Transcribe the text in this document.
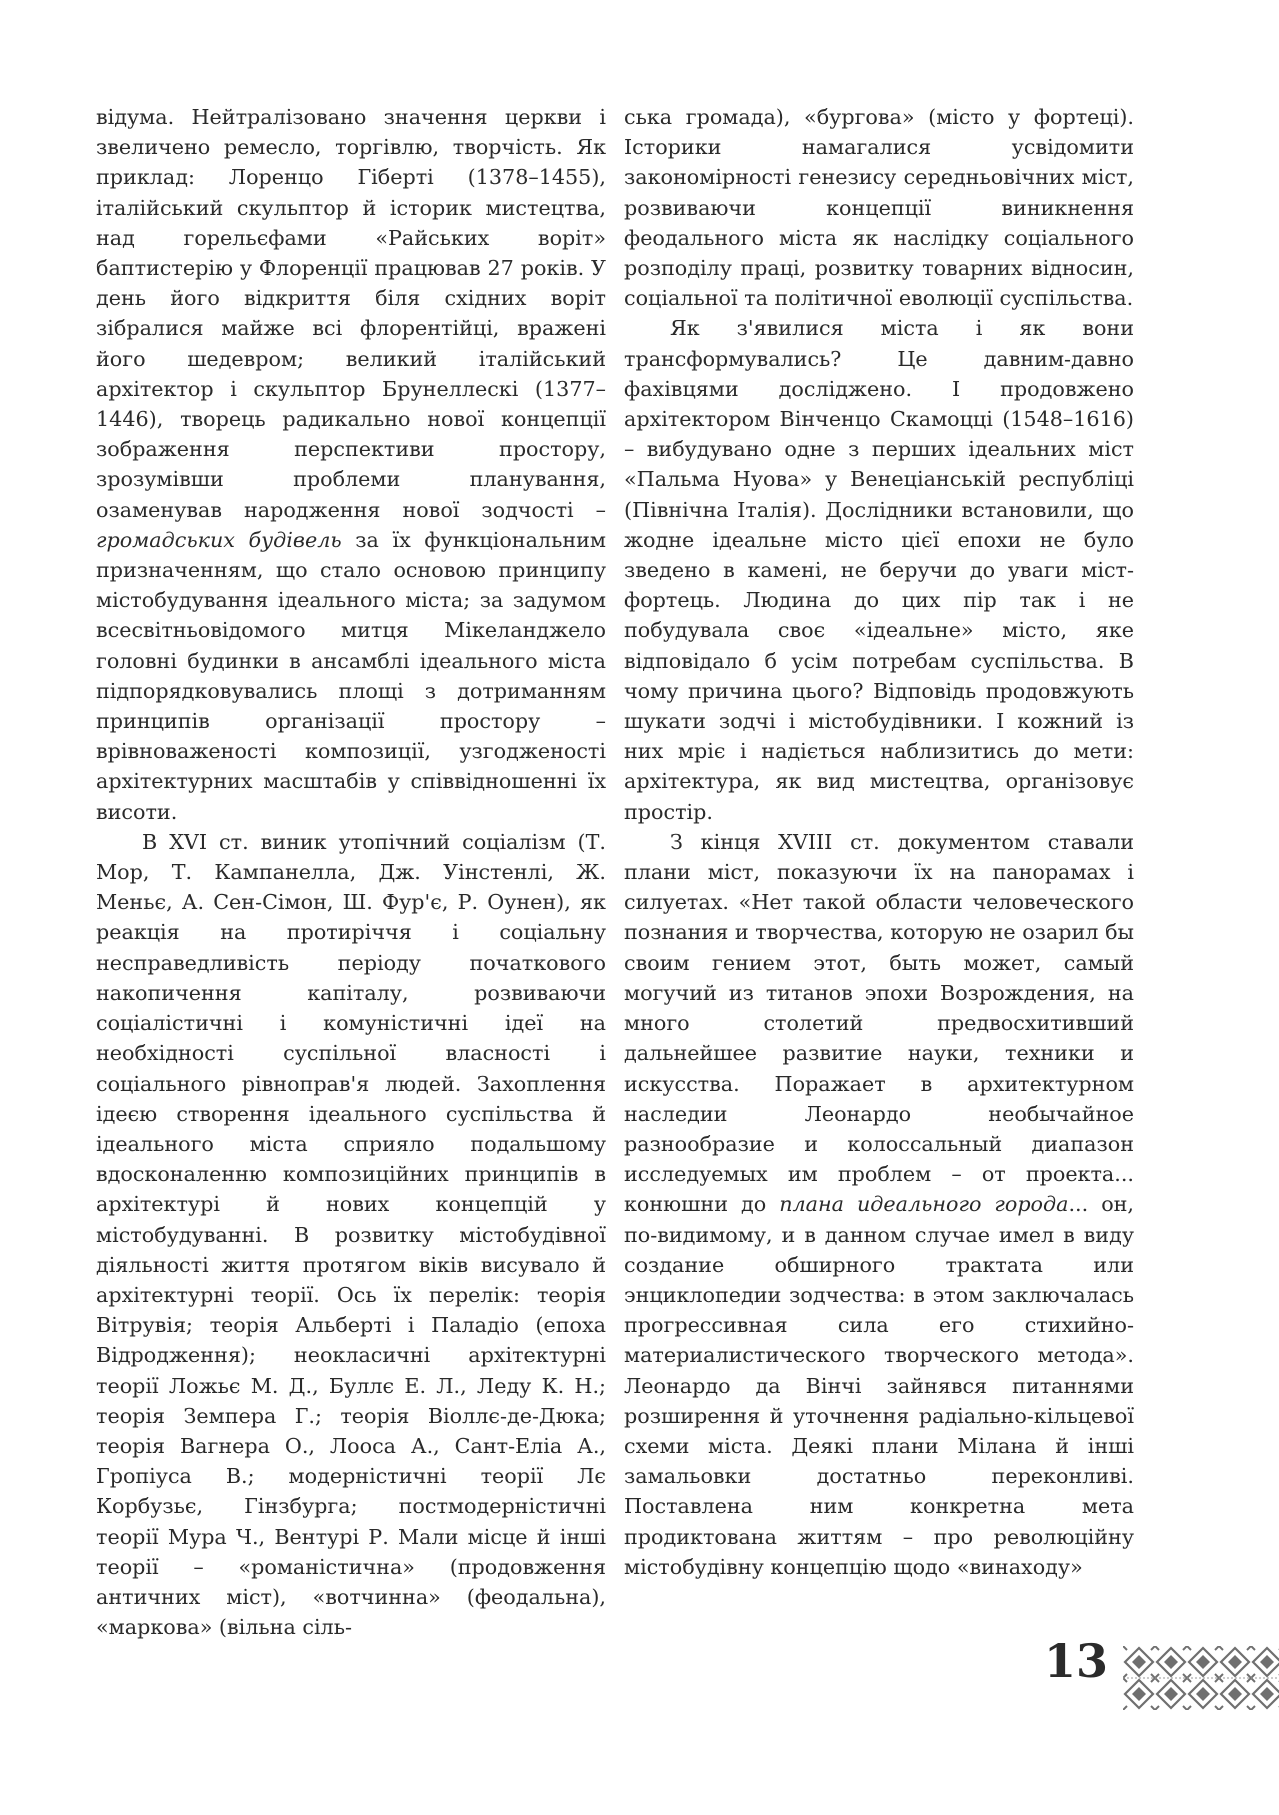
відума. Нейтралізовано значення церкви і звеличено ремесло, торгівлю, творчість. Як приклад: Лоренцо Гіберті (1378–1455), італійський скульптор й історик мистецтва, над горельєфами «Райських воріт» баптистерію у Флоренції працював 27 років. У день його відкриття біля східних воріт зібралися майже всі флорентійці, вражені його шедевром; великий італійський архітектор і скульптор Брунеллескі (1377–1446), творець радикально нової концепції зображення перспективи простору, зрозумівши проблеми планування, озаменував народження нової зодчості – громадських будівель за їх функціональним призначенням, що стало основою принципу містобудування ідеального міста; за задумом всесвітньовідомого митця Мікеланджело головні будинки в ансамблі ідеального міста підпорядковувались площі з дотриманням принципів організації простору – врівноваженості композиції, узгодженості архітектурних масштабів у співвідношенні їх висоти.

В XVI ст. виник утопічний соціалізм (Т. Мор, Т. Кампанелла, Дж. Уінстенлі, Ж. Меньє, А. Сен-Сімон, Ш. Фур'є, Р. Оунен), як реакція на протиріччя і соціальну несправедливість періоду початкового накопичення капіталу, розвиваючи соціалістичні і комуністичні ідеї на необхідності суспільної власності і соціального рівноправ'я людей. Захоплення ідеєю створення ідеального суспільства й ідеального міста сприяло подальшому вдосконаленню композиційних принципів в архітектурі й нових концепцій у містобудуванні. В розвитку містобудівної діяльності життя протягом віків висувало й архітектурні теорії. Ось їх перелік: теорія Вітрувія; теорія Альберті і Паладіо (епоха Відродження); неокласичні архітектурні теорії Ложьє М. Д., Буллє Е. Л., Леду К. Н.; теорія Земпера Г.; теорія Віоллє-де-Дюка; теорія Вагнера О., Лооса А., Сант-Еліа А., Гропіуса В.; модерністичні теорії Лє Корбузьє, Гінзбурга; постмодерністичні теорії Мура Ч., Вентурі Р. Мали місце й інші теорії – «романістична» (продовження античних міст), «вотчинна» (феодальна), «маркова» (вільна сіль-

ська громада), «бургова» (місто у фортеці). Історики намагалися усвідомити закономірності генезису середньовічних міст, розвиваючи концепції виникнення феодального міста як наслідку соціального розподілу праці, розвитку товарних відносин, соціальної та політичної еволюції суспільства.

Як з'явилися міста і як вони трансформувались? Це давним-давно фахівцями досліджено. І продовжено архітектором Вінченцо Скамоцці (1548–1616) – вибудувано одне з перших ідеальних міст «Пальма Нуова» у Венеціанській республіці (Північна Італія). Дослідники встановили, що жодне ідеальне місто цієї епохи не було зведено в камені, не беручи до уваги міст-фортець. Людина до цих пір так і не побудувала своє «ідеальне» місто, яке відповідало б усім потребам суспільства. В чому причина цього? Відповідь продовжують шукати зодчі і містобудівники. І кожний із них мріє і надіється наблизитись до мети: архітектура, як вид мистецтва, організовує простір.

З кінця XVIII ст. документом ставали плани міст, показуючи їх на панорамах і силуетах. «Нет такой области человеческого познания и творчества, которую не озарил бы своим гением этот, быть может, самый могучий из титанов эпохи Возрождения, на много столетий предвосхитивший дальнейшее развитие науки, техники и искусства. Поражает в архитектурном наследии Леонардо необычайное разнообразие и колоссальный диапазон исследуемых им проблем – от проекта... конюшни до плана идеального города... он, по-видимому, и в данном случае имел в виду создание обширного трактата или энциклопедии зодчества: в этом заключалась прогрессивная сила его стихийно-материалистического творческого метода». Леонардо да Вінчі зайнявся питаннями розширення й уточнення радіально-кільцевої схеми міста. Деякі плани Мілана й інші замальовки достатньо переконливі. Поставлена ним конкретна мета продиктована життям – про революційну містобудівну концепцію щодо «винаходу»

13
